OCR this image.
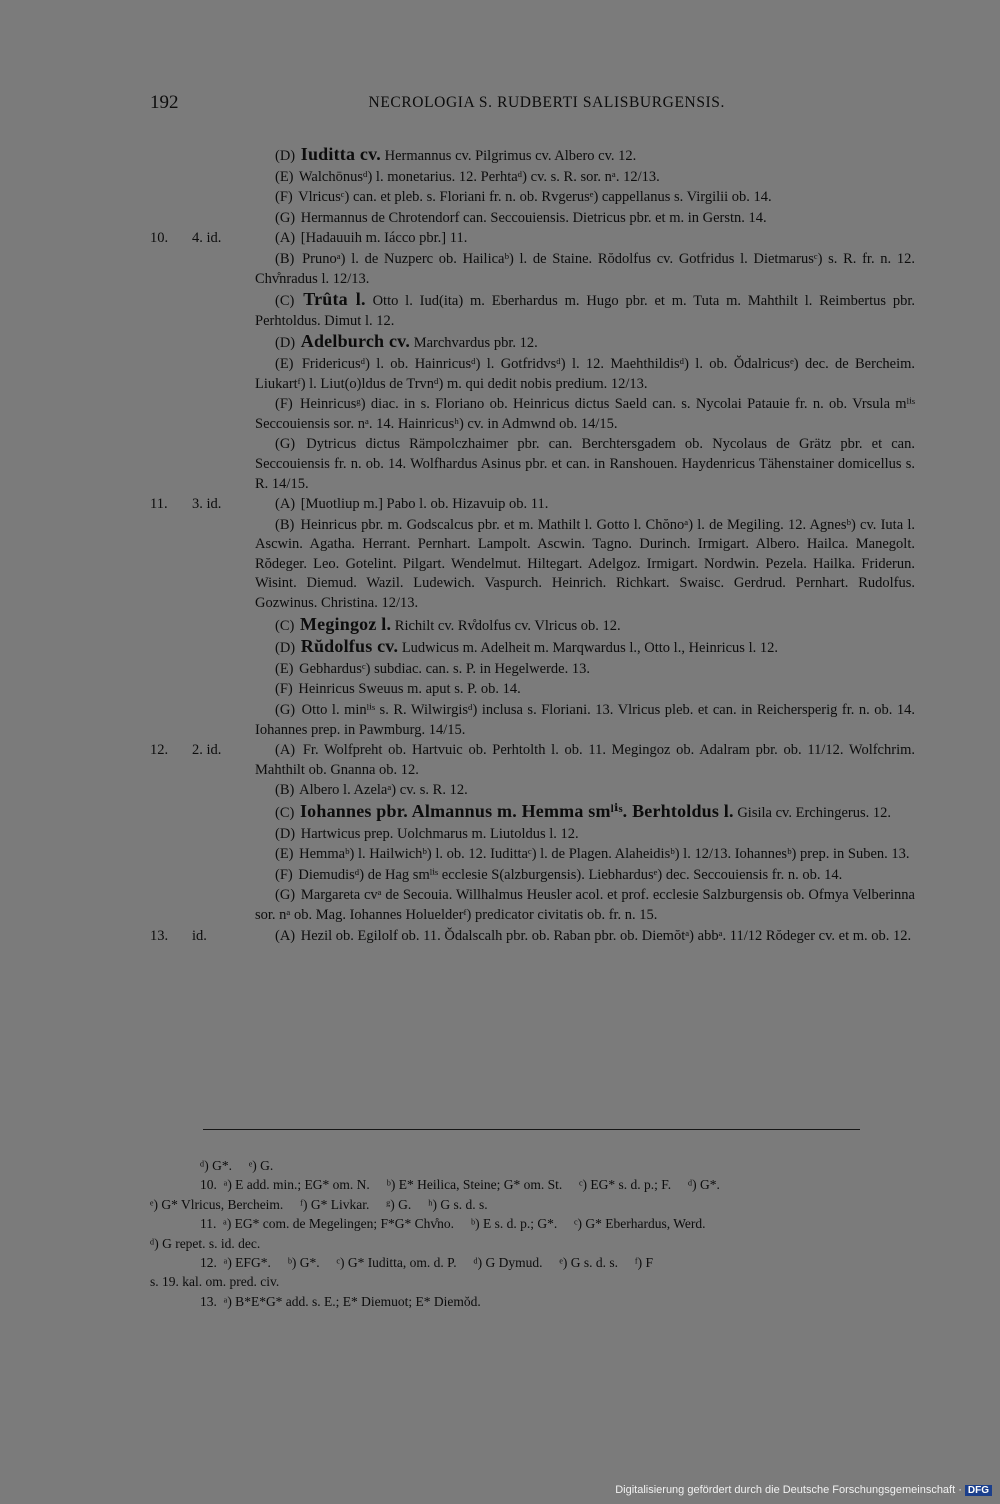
192	NECROLOGIA S. RUDBERTI SALISBURGENSIS.

(D) Iuditta cv. Hermannus cv. Pilgrimus cv. Albero cv. 12.

(E) Walchōnusᵈ) l. monetarius. 12. Perhtaᵈ) cv. s. R. sor. nᵃ. 12/13.

(F) Vlricusᶜ) can. et pleb. s. Floriani fr. n. ob. Rvgerusᵉ) cappellanus s. Virgilii ob. 14.

(G) Hermannus de Chrotendorf can. Seccouiensis. Dietricus pbr. et m. in Gerstn. 14.

10. 4. id.	(A) [Hadauuih m. Iácco pbr.] 11.

(B) Prunoᵃ) l. de Nuzperc ob. Hailicaᵇ) l. de Staine. Rŏdolfus cv. Gotfridus l. Dietmarusᶜ) s. R. fr. n. 12. Chv̊nradus l. 12/13.

(C) Trûta l. Otto l. Iud(ita) m. Eberhardus m. Hugo pbr. et m. Tuta m. Mahthilt l. Reimbertus pbr. Perhtoldus. Dimut l. 12.

(D) Adelburch cv. Marchvardus pbr. 12.

(E) Fridericusᵈ) l. ob. Hainricusᵈ) l. Gotfridvsᵈ) l. 12. Maehthildisᵈ) l. ob. Ŏdalricusᵉ) dec. de Bercheim. Liukartᶠ) l. Liut(o)ldus de Trvnᵈ) m. qui dedit nobis predium. 12/13.

(F) Heinricusᵍ) diac. in s. Floriano ob. Heinricus dictus Saeld can. s. Nycolai Patauie fr. n. ob. Vrsula mˡⁱˢ Seccouiensis sor. nᵃ. 14. Hainricusʰ) cv. in Admwnd ob. 14/15.

(G) Dytricus dictus Rämpolczhaimer pbr. can. Berchtersgadem ob. Nycolaus de Grätz pbr. et can. Seccouiensis fr. n. ob. 14. Wolfhardus Asinus pbr. et can. in Ranshouen. Haydenricus Tähenstainer domicellus s. R. 14/15.

11. 3. id.	(A) [Muotliup m.] Pabo l. ob. Hizavuip ob. 11.

(B) Heinricus pbr. m. Godscalcus pbr. et m. Mathilt l. Gotto l. Chŏnoᵃ) l. de Megiling. 12. Agnesᵇ) cv. Iuta l. Ascwin. Agatha. Herrant. Pernhart. Lampolt. Ascwin. Tagno. Durinch. Irmigart. Albero. Hailca. Manegolt. Rŏdeger. Leo. Gotelint. Pilgart. Wendelmut. Hiltegart. Adelgoz. Irmigart. Nordwin. Pezela. Hailka. Friderun. Wisint. Diemud. Wazil. Ludewich. Vaspurch. Heinrich. Richkart. Swaisc. Gerdrud. Pernhart. Rudolfus. Gozwinus. Christina. 12/13.

(C) Megingoz l. Richilt cv. Rv̊dolfus cv. Vlricus ob. 12.

(D) Rŭdolfus cv. Ludwicus m. Adelheit m. Marqwardus l., Otto l., Heinricus l. 12.

(E) Gebhardusᶜ) subdiac. can. s. P. in Hegelwerde. 13.

(F) Heinricus Sweuus m. aput s. P. ob. 14.

(G) Otto l. minˡⁱˢ s. R. Wilwirgisᵈ) inclusa s. Floriani. 13. Vlricus pleb. et can. in Reichersperig fr. n. ob. 14. Iohannes prep. in Pawmburg. 14/15.

12. 2. id.	(A) Fr. Wolfpreht ob. Hartvuic ob. Perhtolth l. ob. 11. Megingoz ob. Adalram pbr. ob. 11/12. Wolfchrim. Mahthilt ob. Gnanna ob. 12.

(B) Albero l. Azelaᵃ) cv. s. R. 12.

(C) Iohannes pbr. Almannus m. Hemma smˡⁱˢ. Berhtoldus l. Gisila cv. Erchingerus. 12.

(D) Hartwicus prep. Uolchmarus m. Liutoldus l. 12.

(E) Hemmaᵇ) l. Hailwichᵇ) l. ob. 12. Iudittaᶜ) l. de Plagen. Alaheidisᵇ) l. 12/13. Iohannesᵇ) prep. in Suben. 13.

(F) Diemudisᵈ) de Hag smˡⁱˢ ecclesie S(alzburgensis). Liebhardusᵉ) dec. Seccouiensis fr. n. ob. 14.

(G) Margareta cvᵃ de Secouia. Willhalmus Heusler acol. et prof. ecclesie Salzburgensis ob. Ofmya Velberinna sor. nᵃ ob. Mag. Iohannes Holuelderᶠ) predicator civitatis ob. fr. n. 15.

13. id.	(A) Hezil ob. Egilolf ob. 11. Ŏdalscalh pbr. ob. Raban pbr. ob. Diemŏtᵃ) abbᵃ. 11/12 Rŏdeger cv. et m. ob. 12.

ᵈ) G*.     ᵉ) G.

10.  ᵃ) E add. min.; EG* om. N.     ᵇ) E* Heilica, Steine; G* om. St.     ᶜ) EG* s. d. p.; F.     ᵈ) G*.

ᵉ) G* Vlricus, Bercheim.     ᶠ) G* Livkar.     ᵍ) G.     ʰ) G s. d. s.

11.  ᵃ) EG* com. de Megelingen; F*G* Chv̊no.     ᵇ) E s. d. p.; G*.     ᶜ) G* Eberhardus, Werd.

ᵈ) G repet. s. id. dec.

12.  ᵃ) EFG*.     ᵇ) G*.     ᶜ) G* Iuditta, om. d. P.     ᵈ) G Dymud.     ᵉ) G s. d. s.     ᶠ) F

s. 19. kal. om. pred. civ.

13.  ᵃ) B*E*G* add. s. E.; E* Diemuot; E* Diemŏd.

Digitalisierung gefördert durch die Deutsche Forschungsgemeinschaft · DFG
